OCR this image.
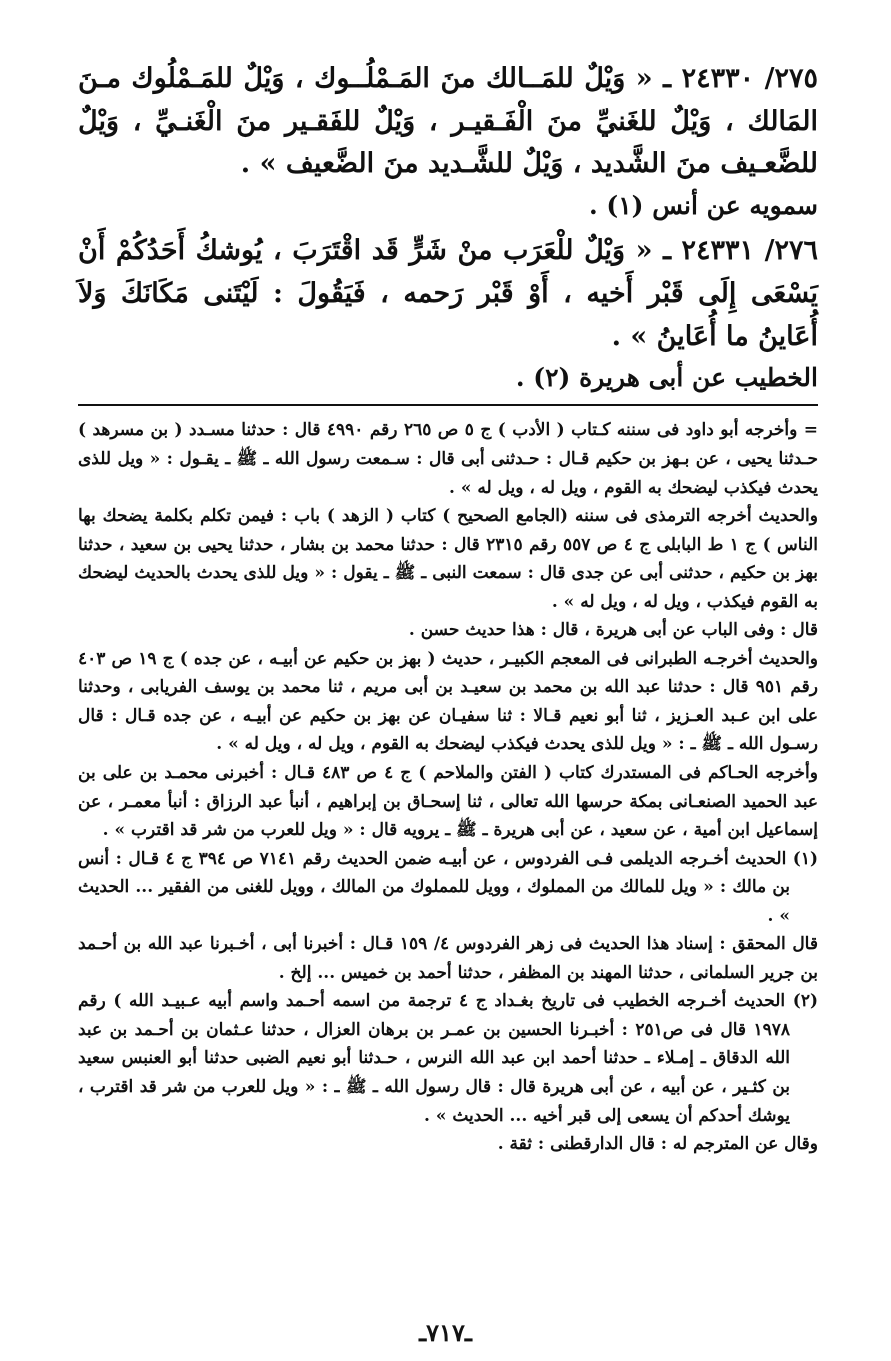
٢٧٥/ ٢٤٣٣٠ ـ « وَيْلٌ للمَــالك منَ المَـمْلُــوك ، وَيْلٌ للمَـمْلُوك مـنَ المَالك ، وَيْلٌ للغَنيِّ منَ الْفَـقيـر ، وَيْلٌ للفَقـير منَ الْغَنـيِّ ، وَيْلٌ للضَّعـيف منَ الشَّديد ، وَيْلٌ للشَّـديد منَ الضَّعيف » .

سمويه عن أنس (١) .

٢٧٦/ ٢٤٣٣١ ـ « وَيْلٌ للْعَرَب منْ شَرٍّ قَد اقْتَرَبَ ، يُوشكُ أَحَدُكُمْ أَنْ يَسْعَى إِلَى قَبْر أَخيه ، أَوْ قَبْر رَحمه ، فَيَقُولَ : لَيْتَنى مَكَانَكَ وَلاَ أُعَاينُ ما أُعَاينُ » .

الخطيب عن أبى هريرة (٢) .

= وأخرجه أبو داود فى سننه كـتاب ( الأدب ) ج ٥ ص ٢٦٥ رقم ٤٩٩٠ قال : حدثنا مسـدد ( بن مسرهد ) حـدثنا يحيى ، عن بـهز بن حكيم قـال : حـدثنى أبى قال : سـمعت رسول الله ـ ﷺ ـ يقـول : « ويل للذى يحدث فيكذب ليضحك به القوم ، ويل له ، ويل له » .

والحديث أخرجه الترمذى فى سننه (الجامع الصحيح ) كتاب ( الزهد ) باب : فيمن تكلم بكلمة يضحك بها الناس ) ج ١ ط البابلى ج ٤ ص ٥٥٧ رقم ٢٣١٥ قال : حدثنا محمد بن بشار ، حدثنا يحيى بن سعيد ، حدثنا بهز بن حكيم ، حدثنى أبى عن جدى قال : سمعت النبى ـ ﷺ ـ يقول : « ويل للذى يحدث بالحديث ليضحك به القوم فيكذب ، ويل له ، ويل له » .

قال : وفى الباب عن أبى هريرة ، قال : هذا حديث حسن .

والحديث أخرجـه الطبرانى فى المعجم الكبيـر ، حديث ( بهز بن حكيم عن أبيـه ، عن جده ) ج ١٩ ص ٤٠٣ رقم ٩٥١ قال : حدثنا عبد الله بن محمد بن سعيـد بن أبى مريم ، ثنا محمد بن يوسف الفريابى ، وحدثنا على ابن عـبد العـزيز ، ثنا أبو نعيم قـالا : ثنا سفيـان عن بهز بن حكيم عن أبيـه ، عن جده قـال : قال رسـول الله ـ ﷺ ـ : « ويل للذى يحدث فيكذب ليضحك به القوم ، ويل له ، ويل له » .

وأخرجه الحـاكم فى المستدرك كتاب ( الفتن والملاحم ) ج ٤ ص ٤٨٣ قـال : أخبرنى محمـد بن على بن عبد الحميد الصنعـانى بمكة حرسها الله تعالى ، ثنا إسحـاق بن إبراهيم ، أنبأ عبد الرزاق : أنبأ معمـر ، عن إسماعيل ابن أمية ، عن سعيد ، عن أبى هريرة ـ ﷺ ـ يرويه قال : « ويل للعرب من شر قد اقترب » .

(١) الحديث أخـرجه الديلمى فـى الفردوس ، عن أبيـه ضمن الحديث رقم ٧١٤١ ص ٣٩٤ ج ٤ قـال : أنس بن مالك : « ويل للمالك من المملوك ، وويل للمملوك من المالك ، وويل للغنى من الفقير ... الحديث » .

قال المحقق : إسناد هذا الحديث فى زهر الفردوس ٤/ ١٥٩ قـال : أخبرنا أبى ، أخـبرنا عبد الله بن أحـمد بن جرير السلمانى ، حدثنا المهند بن المظفر ، حدثنا أحمد بن خميس ... إلخ .

(٢) الحديث أخـرجه الخطيب فى تاريخ بغـداد ج ٤ ترجمة من اسمه أحـمد واسم أبيه عـبيـد الله ) رقم ١٩٧٨ قال فى ص٢٥١ : أخبـرنا الحسين بن عمـر بن برهان العزال ، حدثنا عـثمان بن أحـمد بن عبد الله الدقاق ـ إمـلاء ـ حدثنا أحمد ابن عبد الله النرس ، حـدثنا أبو نعيم الضبى حدثنا أبو العنبس سعيد بن كثـير ، عن أبيه ، عن أبى هريرة قال : قال رسول الله ـ ﷺ ـ : « ويل للعرب من شر قد اقترب ، يوشك أحدكم أن يسعى إلى قبر أخيه ... الحديث » .

وقال عن المترجم له : قال الدارقطنى : ثقة .

ـ٧١٧ـ
